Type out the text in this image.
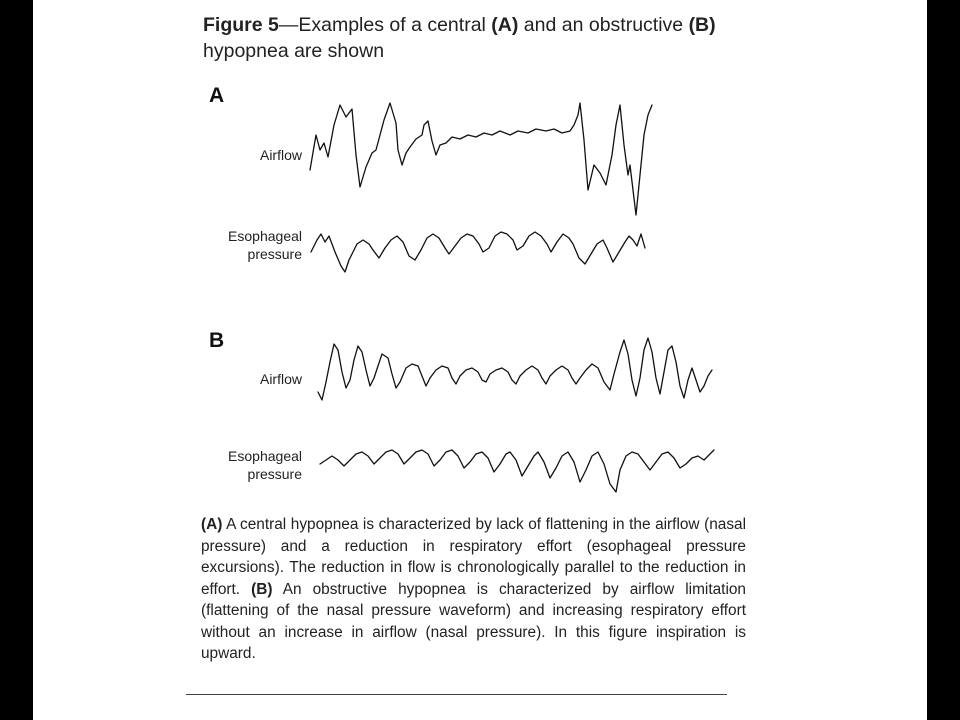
Figure 5—Examples of a central (A) and an obstructive (B) hypopnea are shown
A
Airflow
Esophageal
pressure
B
Airflow
Esophageal
pressure
(A) A central hypopnea is characterized by lack of flattening in the airflow (nasal pressure) and a reduction in respiratory effort (esophageal pressure excursions). The reduction in flow is chronologically parallel to the reduction in effort. (B) An obstructive hypopnea is characterized by airflow limitation (flattening of the nasal pressure waveform) and increasing respiratory effort without an increase in airflow (nasal pressure). In this figure inspiration is upward.
